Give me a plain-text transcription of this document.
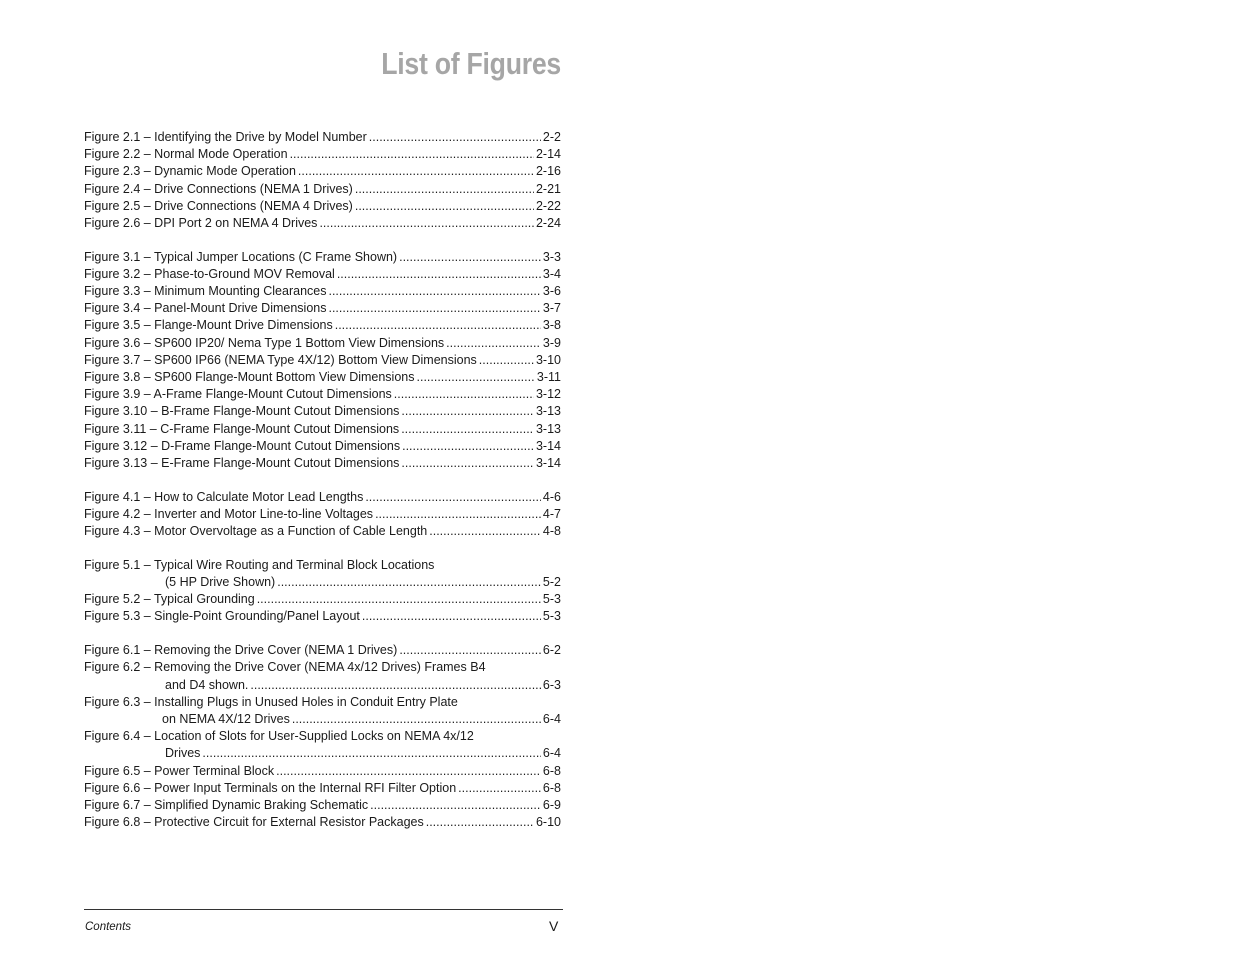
List of Figures
Figure 2.1 – Identifying the Drive by Model Number .....	2-2
Figure 2.2 – Normal Mode Operation .....	2-14
Figure 2.3 – Dynamic Mode Operation .....	2-16
Figure 2.4 – Drive Connections (NEMA 1 Drives) .....	2-21
Figure 2.5 – Drive Connections (NEMA 4 Drives) .....	2-22
Figure 2.6 – DPI Port 2 on NEMA 4 Drives .....	2-24
Figure 3.1 – Typical Jumper Locations (C Frame Shown) .....	3-3
Figure 3.2 – Phase-to-Ground MOV Removal .....	3-4
Figure 3.3 – Minimum Mounting Clearances .....	3-6
Figure 3.4 – Panel-Mount Drive Dimensions .....	3-7
Figure 3.5 – Flange-Mount Drive Dimensions .....	3-8
Figure 3.6 – SP600 IP20/ Nema Type 1 Bottom View Dimensions .....	3-9
Figure 3.7 – SP600 IP66 (NEMA Type 4X/12) Bottom View Dimensions .....	3-10
Figure 3.8 – SP600 Flange-Mount Bottom View Dimensions .....	3-11
Figure 3.9 – A-Frame Flange-Mount Cutout Dimensions .....	3-12
Figure 3.10 – B-Frame Flange-Mount Cutout Dimensions .....	3-13
Figure 3.11 – C-Frame Flange-Mount Cutout Dimensions .....	3-13
Figure 3.12 – D-Frame Flange-Mount Cutout Dimensions .....	3-14
Figure 3.13 – E-Frame Flange-Mount Cutout Dimensions .....	3-14
Figure 4.1 – How to Calculate Motor Lead Lengths .....	4-6
Figure 4.2 – Inverter and Motor Line-to-line Voltages .....	4-7
Figure 4.3 – Motor Overvoltage as a Function of Cable Length .....	4-8
Figure 5.1 – Typical Wire Routing and Terminal Block Locations
(5 HP Drive Shown) .....	5-2
Figure 5.2 – Typical Grounding .....	5-3
Figure 5.3 – Single-Point Grounding/Panel Layout .....	5-3
Figure 6.1 – Removing the Drive Cover (NEMA 1 Drives) .....	6-2
Figure 6.2 – Removing the Drive Cover (NEMA 4x/12 Drives) Frames B4
and D4 shown. .....	6-3
Figure 6.3 – Installing Plugs in Unused Holes in Conduit Entry Plate
on NEMA 4X/12 Drives .....	6-4
Figure 6.4 – Location of Slots for User-Supplied Locks on NEMA 4x/12
Drives .....	6-4
Figure 6.5 – Power Terminal Block .....	6-8
Figure 6.6 – Power Input Terminals on the Internal RFI Filter Option .....	6-8
Figure 6.7 – Simplified Dynamic Braking Schematic .....	6-9
Figure 6.8 – Protective Circuit for External Resistor Packages .....	6-10
Contents	V
